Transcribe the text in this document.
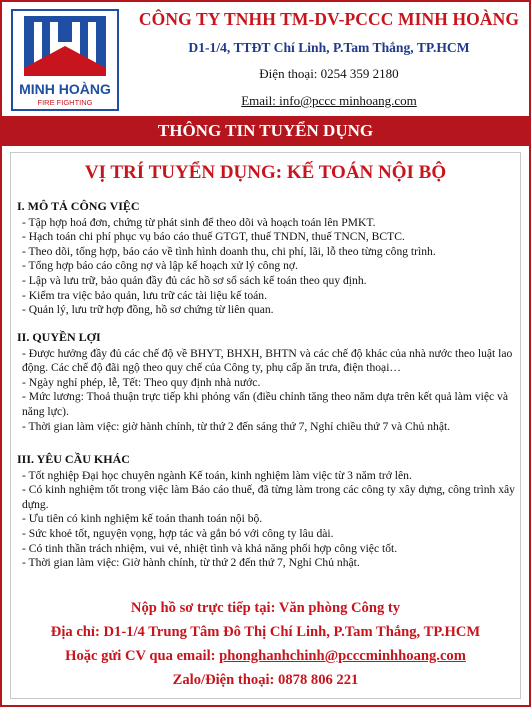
MINH HOÀNG
FIRE FIGHTING
CÔNG TY TNHH TM-DV-PCCC MINH HOÀNG
D1-1/4, TTĐT Chí Linh, P.Tam Thắng, TP.HCM
Điện thoại: 0254 359 2180
Email: info@pccc minhoang.com
THÔNG TIN TUYỂN DỤNG
VỊ TRÍ TUYỂN DỤNG: KẾ TOÁN NỘI BỘ
I. MÔ TẢ CÔNG VIỆC

- Tập hợp hoá đơn, chứng từ phát sinh để theo dõi và hoạch toán lên PMKT.

- Hạch toán chi phí phục vụ báo cáo thuế GTGT, thuế TNDN, thuế TNCN, BCTC.

- Theo dõi, tổng hợp, báo cáo về tình hình doanh thu, chi phí, lãi, lỗ theo từng công trình.

- Tổng hợp báo cáo công nợ và lập kế hoạch xử lý công nợ.

- Lập và lưu trữ, bảo quản đầy đủ các hồ sơ sổ sách kế toán theo quy định.

- Kiểm tra việc bảo quản, lưu trữ các tài liệu kế toán.

- Quản lý, lưu trữ hợp đồng, hồ sơ chứng từ liên quan.

II. QUYỀN LỢI

- Được hưởng đầy đủ các chế độ về BHYT, BHXH, BHTN và các chế độ khác của nhà nước theo luật lao động. Các chế độ đãi ngộ theo quy chế của Công ty, phụ cấp ăn trưa, điện thoại…

- Ngày nghỉ phép, lễ, Tết: Theo quy định nhà nước.

- Mức lương: Thoả thuận trực tiếp khi phỏng vấn (điều chỉnh tăng theo năm dựa trên kết quả làm việc và năng lực).

- Thời gian làm việc: giờ hành chính, từ thứ 2 đến sáng thứ 7, Nghỉ chiều thứ 7 và Chủ nhật.

III. YÊU CẦU KHÁC

- Tốt nghiệp Đại học chuyên ngành Kế toán, kinh nghiệm làm việc từ 3 năm trở lên.

- Có kinh nghiệm tốt trong việc làm Báo cáo thuế, đã từng làm trong các công ty xây dựng, công trình xây dựng.

- Ưu tiên có kinh nghiệm kế toán thanh toán nội bộ.

- Sức khoẻ tốt, nguyện vọng, hợp tác và gắn bó với công ty lâu dài.

- Có tinh thần trách nhiệm, vui vẻ, nhiệt tình và khả năng phối hợp công việc tốt.

- Thời gian làm việc: Giờ hành chính, từ thứ 2 đến thứ 7, Nghỉ Chủ nhật.

Nộp hồ sơ trực tiếp tại: Văn phòng Công ty
Địa chỉ: D1-1/4 Trung Tâm Đô Thị Chí Linh, P.Tam Thắng, TP.HCM
Hoặc gửi CV qua email: phonghanhchinh@pcccminhhoang.com
Zalo/Điện thoại: 0878 806 221
